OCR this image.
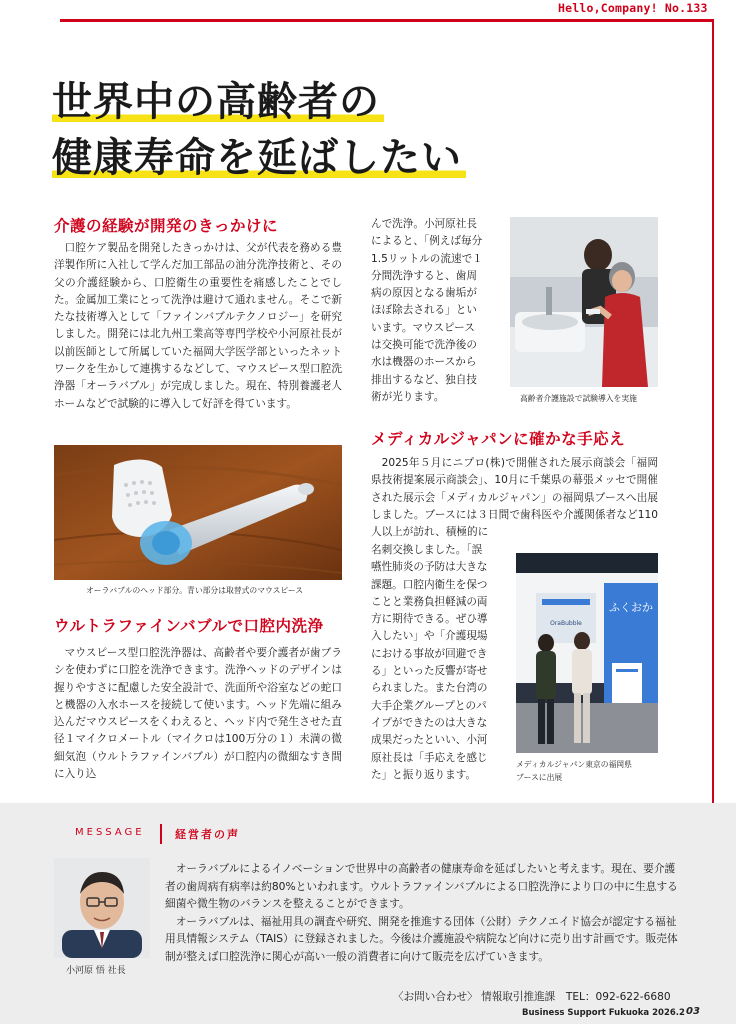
Hello,Company! No.133
世界中の高齢者の
健康寿命を延ばしたい
介護の経験が開発のきっかけに

口腔ケア製品を開発したきっかけは、父が代表を務める豊洋製作所に入社して学んだ加工部品の油分洗浄技術と、その父の介護経験から、口腔衛生の重要性を痛感したことでした。金属加工業にとって洗浄は避けて通れません。そこで新たな技術導入として「ファインバブルテクノロジー」を研究しました。開発には北九州工業高等専門学校や小河原社長が以前医師として所属していた福岡大学医学部といったネットワークを生かして連携するなどして、マウスピース型口腔洗浄器「オーラバブル」が完成しました。現在、特別養護老人ホームなどで試験的に導入して好評を得ています。

オーラバブルのヘッド部分。青い部分は取替式のマウスピース
ウルトラファインバブルで口腔内洗浄

マウスピース型口腔洗浄器は、高齢者や要介護者が歯ブラシを使わずに口腔を洗浄できます。洗浄ヘッドのデザインは握りやすさに配慮した安全設計で、洗面所や浴室などの蛇口と機器の入水ホースを接続して使います。ヘッド先端に組み込んだマウスピースをくわえると、ヘッド内で発生させた直径１マイクロメートル（マイクロは100万分の１）未満の微細気泡（ウルトラファインバブル）が口腔内の微細なすき間に入り込

んで洗浄。小河原社長
によると、「例えば毎分
1.5リットルの流速で１
分間洗浄すると、歯周
病の原因となる歯垢が
ほぼ除去される」とい
います。マウスピース
は交換可能で洗浄後の
水は機器のホースから
排出するなど、独自技
術が光ります。	高齢者介護施設で試験導入を実施
メディカルジャパンに確かな手応え

2025年５月にニプロ(株)で開催された展示商談会「福岡県技術提案展示商談会」、10月に千葉県の幕張メッセで開催された展示会「メディカルジャパン」の福岡県ブースへ出展しました。ブースには３日間で歯科医や介護関係者など110人以上が訪れ、積極的に

名刺交換しました。「誤
嚥性肺炎の予防は大きな
課題。口腔内衛生を保つ
ことと業務負担軽減の両
方に期待できる。ぜひ導
入したい」や「介護現場
における事故が回避でき
る」といった反響が寄せ
られました。また台湾の
大手企業グループとのパ
イプができたのは大きな
成果だったといい、小河
原社長は「手応えを感じ
た」と振り返ります。
ふくおか
OraBubble
メディカルジャパン東京の福岡県
ブースに出展
MESSAGE	経営者の声
小河原 悟 社長

オーラバブルによるイノベーションで世界中の高齢者の健康寿命を延ばしたいと考えます。現在、要介護者の歯周病有病率は約80%といわれます。ウルトラファインバブルによる口腔洗浄により口の中に生息する細菌や微生物のバランスを整えることができます。

オーラバブルは、福祉用具の調査や研究、開発を推進する団体（公財）テクノエイド協会が認定する福祉用具情報システム（TAIS）に登録されました。今後は介護施設や病院など向けに売り出す計画です。販売体制が整えば口腔洗浄に関心が高い一般の消費者に向けて販売を広げていきます。

〈お問い合わせ〉 情報取引推進課　TEL：092-622-6680
Business Support Fukuoka 2026.2 03
